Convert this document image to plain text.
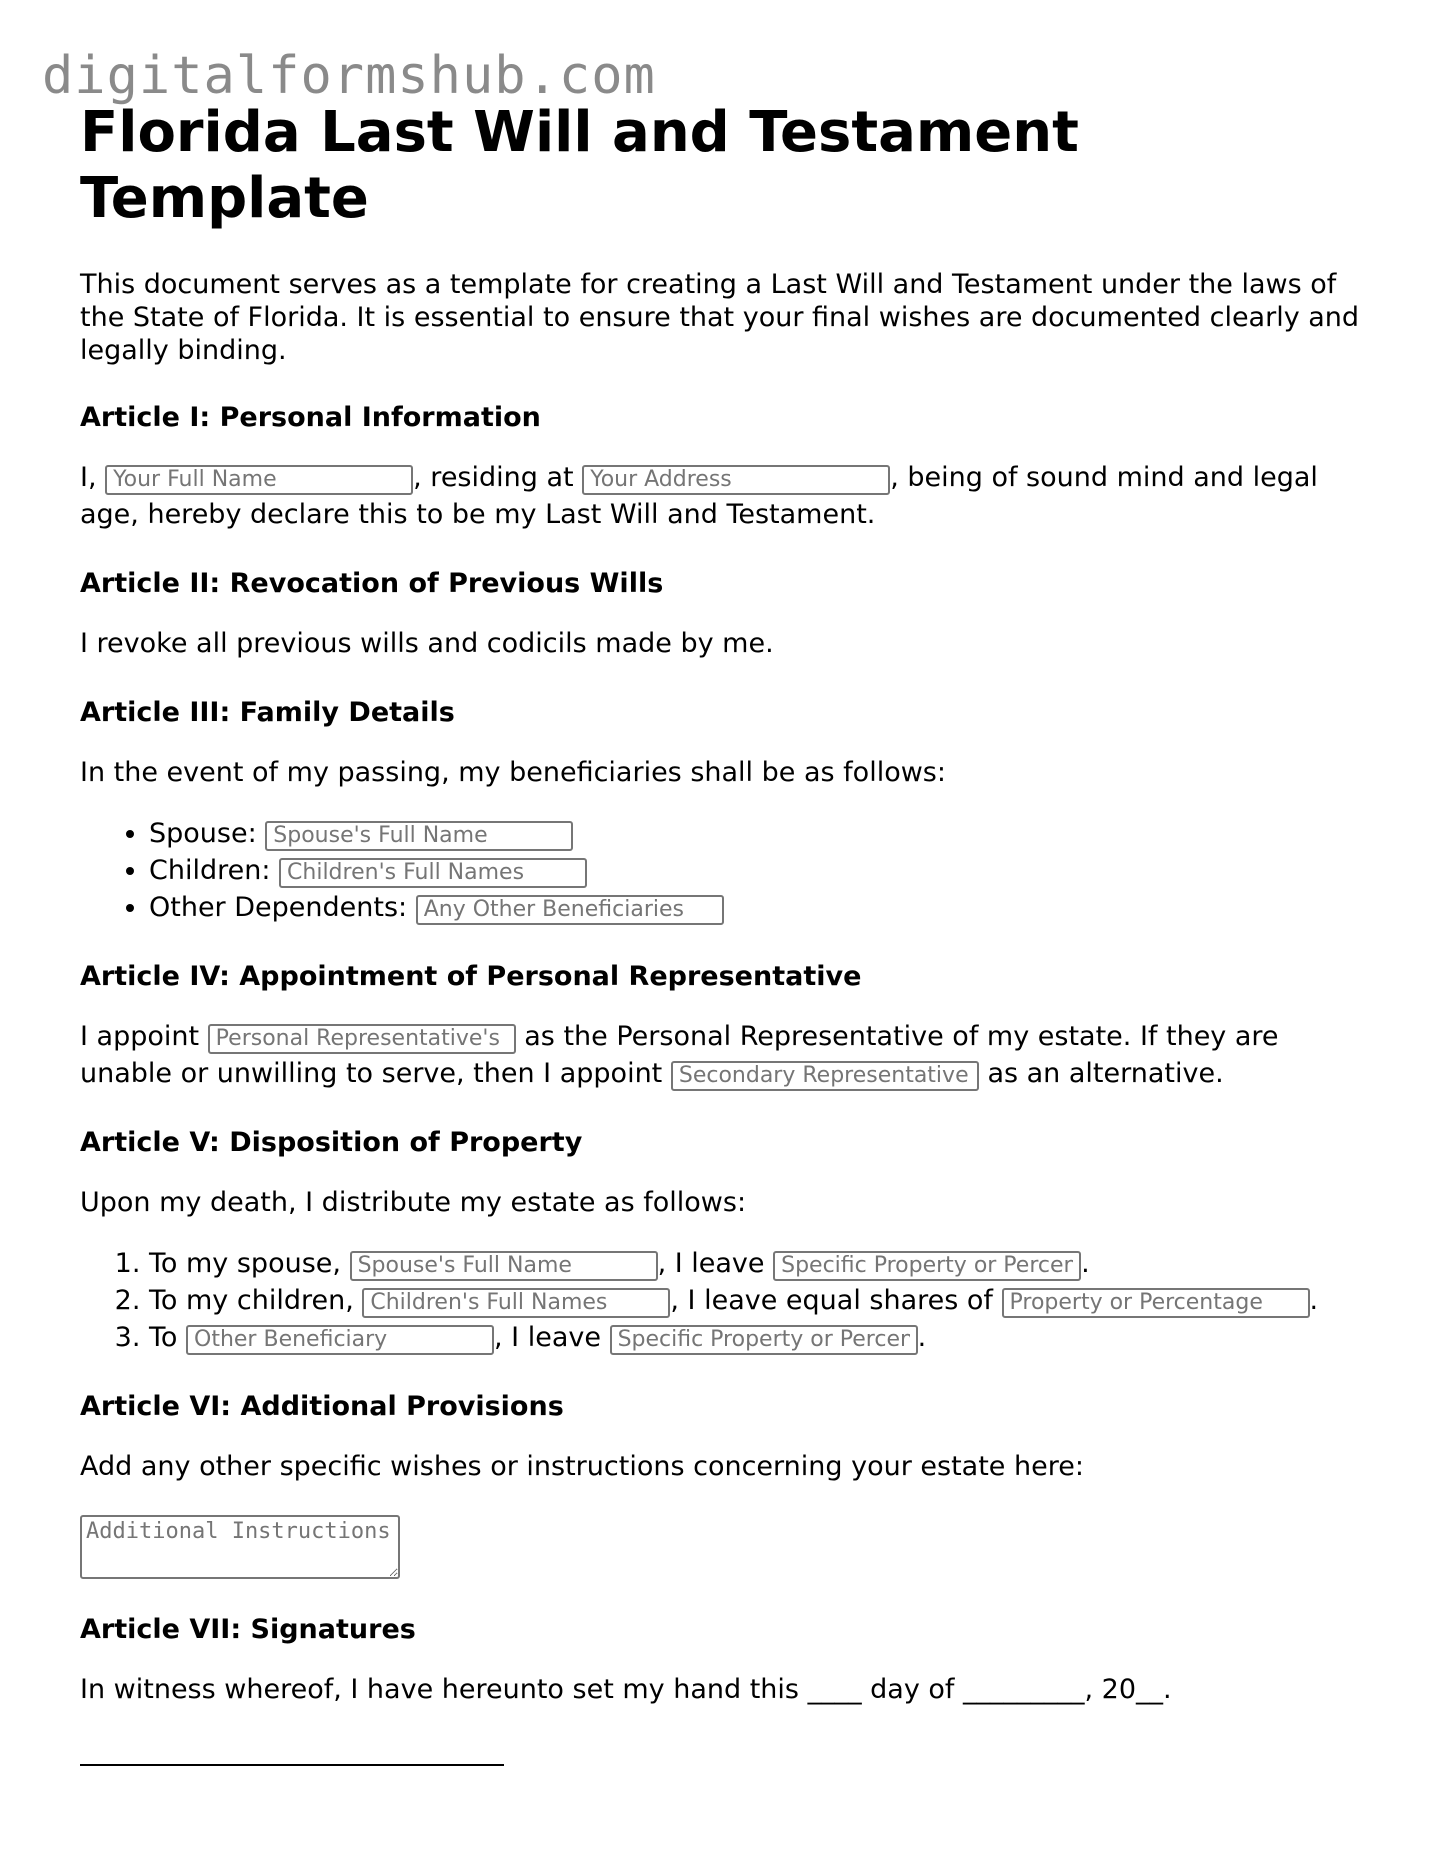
digitalformshub.com
Florida Last Will and Testament Template
This document serves as a template for creating a Last Will and Testament under the laws of the State of Florida. It is essential to ensure that your final wishes are documented clearly and legally binding.
Article I: Personal Information

I, Your Full Name	, residing at Your Address	, being of sound mind and legal age, hereby declare this to be my Last Will and Testament.

Article II: Revocation of Previous Wills

I revoke all previous wills and codicils made by me.

Article III: Family Details

In the event of my passing, my beneficiaries shall be as follows:

• Spouse: Spouse's Full Name
• Children: Children's Full Names
• Other Dependents: Any Other Beneficiaries
Article IV: Appointment of Personal Representative

I appoint Personal Representative's	as the Personal Representative of my estate. If they are unable or unwilling to serve, then I appoint Secondary Representative	as an alternative.

Article V: Disposition of Property

Upon my death, I distribute my estate as follows:

1. To my spouse, Spouse's Full Name	, I leave Specific Property or Percentage	.
2. To my children, Children's Full Names	, I leave equal shares of Property or Percentage	.
3. To Other Beneficiary	, I leave Specific Property or Percentage	.
Article VI: Additional Provisions

Add any other specific wishes or instructions concerning your estate here:

Additional Instructions
Article VII: Signatures

In witness whereof, I have hereunto set my hand this ____ day of _________, 20__.
